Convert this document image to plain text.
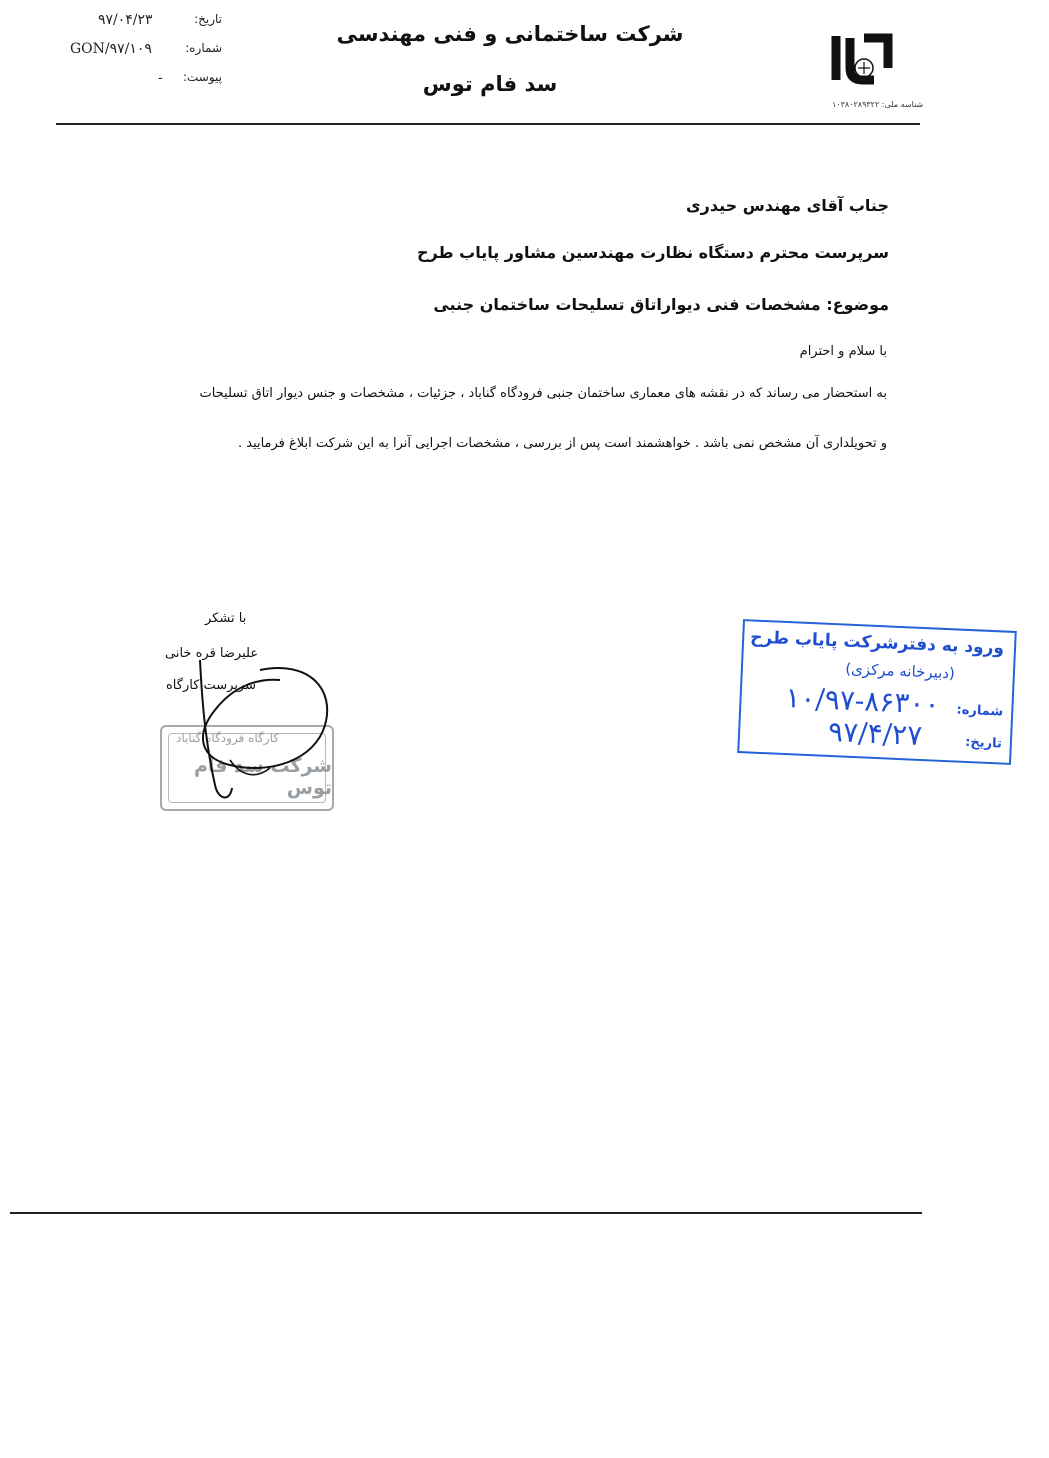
شرکت ساختمانی و فنی مهندسی
سد فام توس
تاریخ:
۹۷/۰۴/۲۳
شماره:
GON/۹۷/۱۰۹
پیوست:
-
شناسه ملی: ۱۰۳۸۰۲۸۹۳۲۲
جناب آقای مهندس حیدری
سرپرست محترم دستگاه نظارت مهندسین مشاور پایاب طرح
موضوع: مشخصات فنی دیواراتاق تسلیحات ساختمان جنبی
با سلام و احترام
به استحضار می رساند که در نقشه های معماری ساختمان جنبی فرودگاه گناباد ، جزئیات ، مشخصات و جنس دیوار اتاق تسلیحات
و تحویلداری آن مشخص نمی باشد . خواهشمند است پس از بررسی ، مشخصات اجرایی آنرا به این شرکت ابلاغ فرمایید .
با تشکر
علیرضا قره خانی
سرپرست کارگاه
کارگاه فرودگاه گناباد
شرکت سد فام توس
ورود به دفترشرکت پایاب طرح
(دبیرخانه مرکزی)
شماره:
۱۰/۹۷-۸۶۳۰۰
تاریخ:
۹۷/۴/۲۷
